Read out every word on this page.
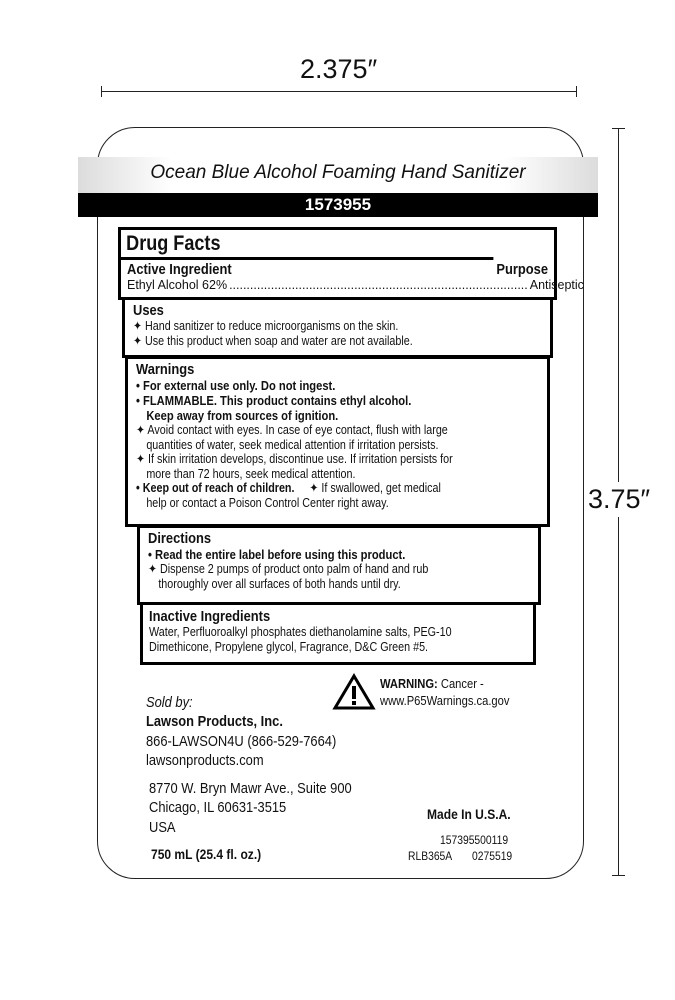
2.375″
3.75″
Ocean Blue Alcohol Foaming Hand Sanitizer
1573955
Drug Facts
Active Ingredient	Purpose
Ethyl Alcohol 62% ...................................................................................... Antiseptic
Uses
✦ Hand sanitizer to reduce microorganisms on the skin.
✦ Use this product when soap and water are not available.
Warnings
• For external use only. Do not ingest.
• FLAMMABLE. This product contains ethyl alcohol.
Keep away from sources of ignition.
✦ Avoid contact with eyes. In case of eye contact, flush with large
quantities of water, seek medical attention if irritation persists.
✦ If skin irritation develops, discontinue use. If irritation persists for
more than 72 hours, seek medical attention.
• Keep out of reach of children.     ✦ If swallowed, get medical
help or contact a Poison Control Center right away.
Directions
• Read the entire label before using this product.
✦ Dispense 2 pumps of product onto palm of hand and rub
thoroughly over all surfaces of both hands until dry.
Inactive Ingredients
Water, Perfluoroalkyl phosphates diethanolamine salts, PEG-10
Dimethicone, Propylene glycol, Fragrance, D&C Green #5.
WARNING: Cancer -
www.P65Warnings.ca.gov
Sold by:
Lawson Products, Inc.
866-LAWSON4U (866-529-7664)
lawsonproducts.com
8770 W. Bryn Mawr Ave., Suite 900
Chicago, IL 60631-3515
USA
750 mL (25.4 fl. oz.)
Made In U.S.A.
157395500119
RLB365A 0275519
